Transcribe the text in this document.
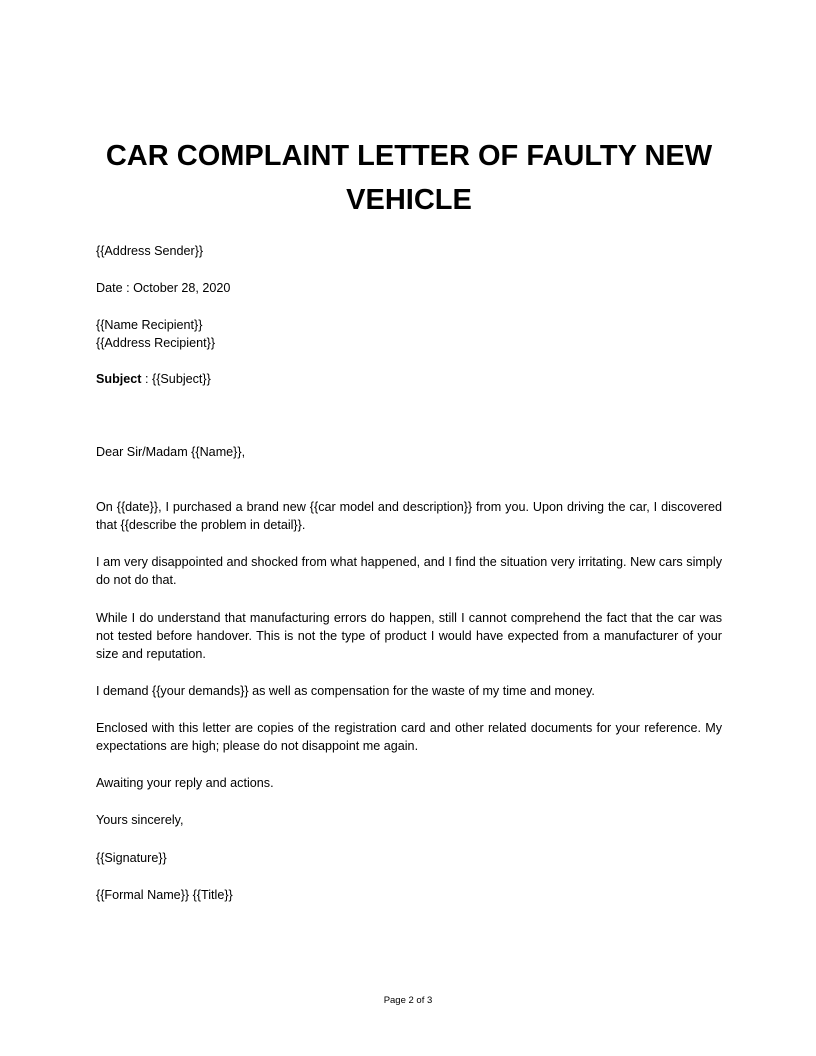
CAR COMPLAINT LETTER OF FAULTY NEW
VEHICLE
{{Address Sender}}
Date : October 28, 2020
{{Name Recipient}}
{{Address Recipient}}
Subject : {{Subject}}
Dear Sir/Madam {{Name}},

On {{date}}, I purchased a brand new {{car model and description}} from you. Upon driving the car, I discovered that {{describe the problem in detail}}.

I am very disappointed and shocked from what happened, and I find the situation very irritating. New cars simply do not do that.

While I do understand that manufacturing errors do happen, still I cannot comprehend the fact that the car was not tested before handover. This is not the type of product I would have expected from a manufacturer of your size and reputation.

I demand {{your demands}} as well as compensation for the waste of my time and money.

Enclosed with this letter are copies of the registration card and other related documents for your reference. My expectations are high; please do not disappoint me again.

Awaiting your reply and actions.

Yours sincerely,
{{Signature}}
{{Formal Name}} {{Title}}
Page 2 of 3
